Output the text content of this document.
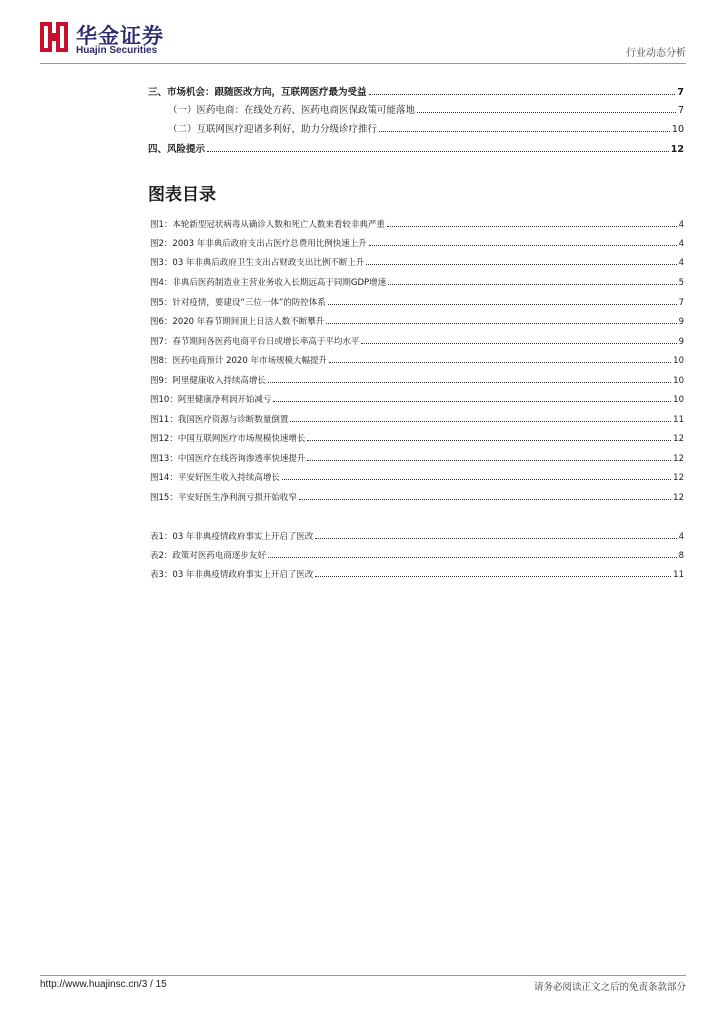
华金证券
Huajin Securities	行业动态分析
三、市场机会：跟随医改方向，互联网医疗最为受益	7
（一）医药电商：在线处方药、医药电商医保政策可能落地	7
（二）互联网医疗迎诸多利好，助力分级诊疗推行	10
四、风险提示	12
图表目录
图1：本轮新型冠状病毒从确诊人数和死亡人数来看较非典严重	4
图2：2003 年非典后政府支出占医疗总费用比例快速上升	4
图3：03 年非典后政府卫生支出占财政支出比例不断上升	4
图4：非典后医药制造业主营业务收入长期远高于同期GDP增速	5
图5：针对疫情，要建设“三位一体”的防控体系	7
图6：2020 年春节期间顶上日活人数不断攀升	9
图7：春节期间各医药电商平台日或增长率高于平均水平	9
图8：医药电商预计 2020 年市场规模大幅提升	10
图9：阿里健康收入持续高增长	10
图10：阿里健康净利润开始减亏	10
图11：我国医疗资源与诊断数量倒置	11
图12：中国互联网医疗市场规模快速增长	12
图13：中国医疗在线咨询渗透率快速提升	12
图14：平安好医生收入持续高增长	12
图15：平安好医生净利润亏损开始收窄	12
表1：03 年非典疫情政府事实上开启了医改	4
表2：政策对医药电商逐步友好	8
表3：03 年非典疫情政府事实上开启了医改	11
http://www.huajinsc.cn/3 / 15	请务必阅读正文之后的免责条款部分
